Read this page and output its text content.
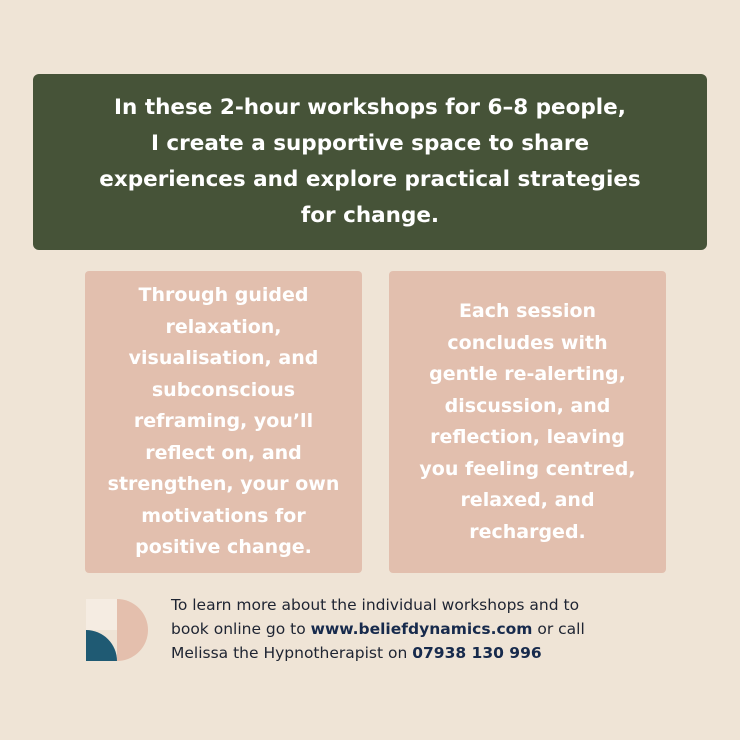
In these 2-hour workshops for 6–8 people,
I create a supportive space to share
experiences and explore practical strategies
for change.

Through guided
relaxation,
visualisation, and
subconscious
reframing, you’ll
reflect on, and
strengthen, your own
motivations for
positive change.

Each session
concludes with
gentle re-alerting,
discussion, and
reflection, leaving
you feeling centred,
relaxed, and
recharged.

To learn more about the individual workshops and to
book online go to www.beliefdynamics.com or call
Melissa the Hypnotherapist on 07938 130 996
